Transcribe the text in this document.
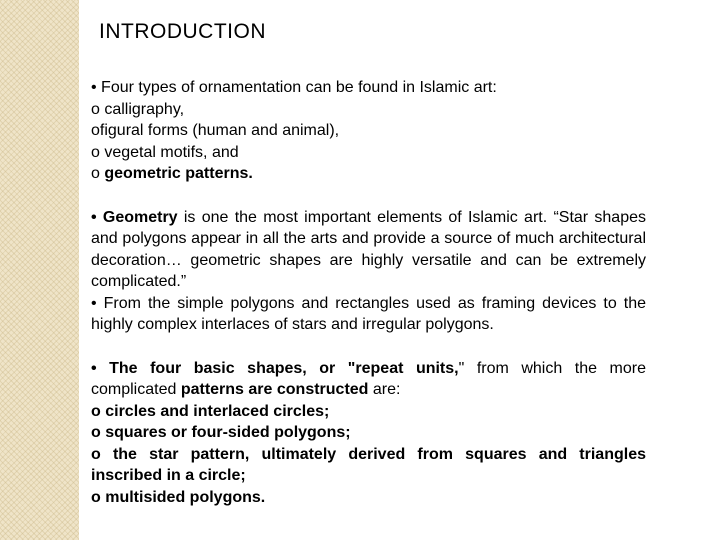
INTRODUCTION
• Four types of ornamentation can be found in Islamic art:
o calligraphy,
ofigural forms (human and animal),
o vegetal motifs, and
o geometric patterns.
• Geometry is one the most important elements of Islamic art. “Star shapes and polygons appear in all the arts and provide a source of much architectural decoration… geometric shapes are highly versatile and can be extremely complicated.”
• From the simple polygons and rectangles used as framing devices to the highly complex interlaces of stars and irregular polygons.
• The four basic shapes, or "repeat units," from which the more complicated patterns are constructed are:
o circles and interlaced circles;
o squares or four-sided polygons;
o the star pattern, ultimately derived from squares and triangles inscribed in a circle;
o multisided polygons.
